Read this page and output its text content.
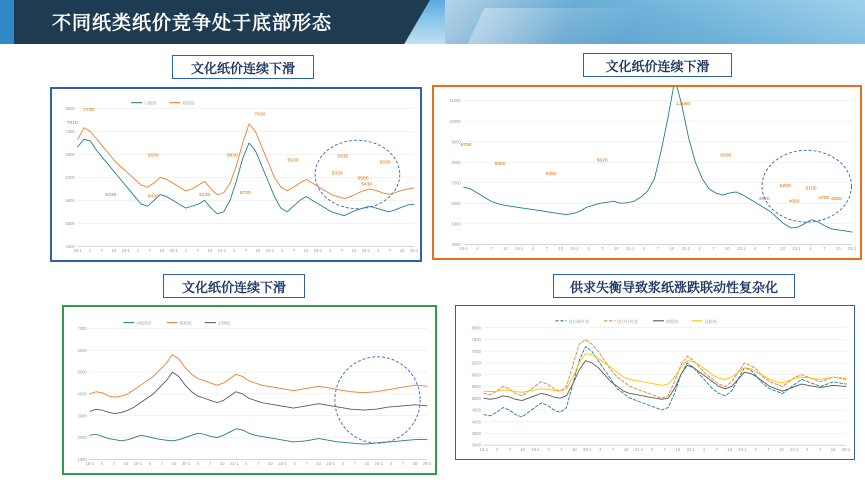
不同纸类纸价竞争处于底部形态
文化纸价连续下滑	文化纸价连续下滑
文化纸价连续下滑	供求失衡导致浆纸涨跌联动性复杂化
4400
5000
5600
6200
6800
7400
8000
18-1 4 7 10 19-1 4 7 10 20-1 4 7 10 21-1 4 7 10 22-1 4 7 10 23-1 4 7 10 24-1 4 7 10 25-1
7730
7010
7630
5630	5830
5930
5930
5830
5330
5500
5430	5430	5430	5730
5430
白板纸	双胶纸
4000
5000
6000
7000
8000
9000
10000
11000
18-1 4	7 10 19-1 4	7 10 20-1 4	7 10 21-1 4	7 10 22-1 4	7 10 23-1 4	7 10 24-1 4	7 10 25-1
6790
5900
5350
6020
12060
6500
4830
5200
4600
5100
4700 4600
1000
2000
3000
4000
5000
6000
7000
18-1 4 7 10 19-1 4 7 10 20-1 4 7 10 21-1 4 7 10 22-1 4 7 10 23-1 4 7 10 24-1 4 7 10 25-1
A级废纸	箱板纸	瓦楞纸
3000
3500
4000
4500
5000
5500
6000
6500
7000
7500
8000
18-1 4	7 10 19-1 4	7 10 20-1 4	7 10 21-1 4	7 10 22-1 4	7 10 23-1 4	7 10 24-1 4	7 10 25-1
进口阔叶浆	进口针叶浆	铜版纸	双胶纸
